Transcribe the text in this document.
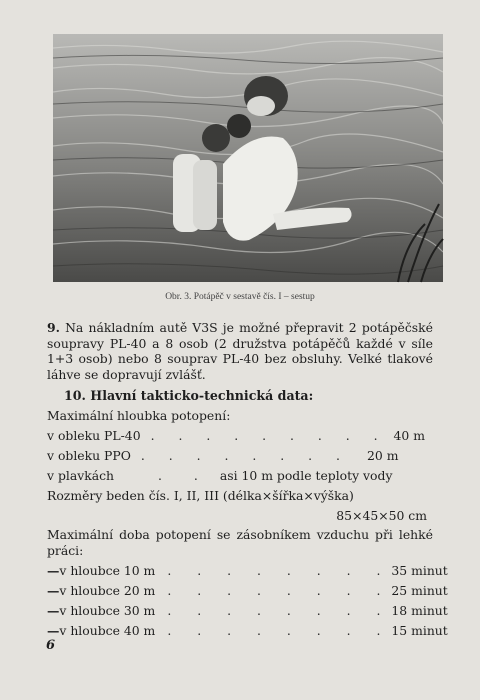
Obr. 3. Potápěč v sestavě čís. I – sestup
9. Na nákladním autě V3S je možné přepravit 2 potápěčské soupravy PL-40 a 8 osob (2 družstva potápěčů každé v síle 1+3 osob) nebo 8 souprav PL-40 bez obsluhy. Velké tlakové láhve se dopravují zvlášť.
10. Hlavní takticko-technická data:
Maximální hloubka potopení:
v obleku PL-40 . . . . . . . . . 40 m
v obleku PPO . . . . . . . .	20 m
v plavkách	. . asi 10 m podle teploty vody
Rozměry beden čís. I, II, III (délka×šířka×výška)
85×45×50 cm
Maximální doba potopení se zásobníkem vzduchu při lehké práci:
— v hloubce 10 m . . . . . . . . 35 minut
— v hloubce 20 m . . . . . . . . 25 minut
— v hloubce 30 m . . . . . . . . 18 minut
— v hloubce 40 m . . . . . . . . 15 minut
6
